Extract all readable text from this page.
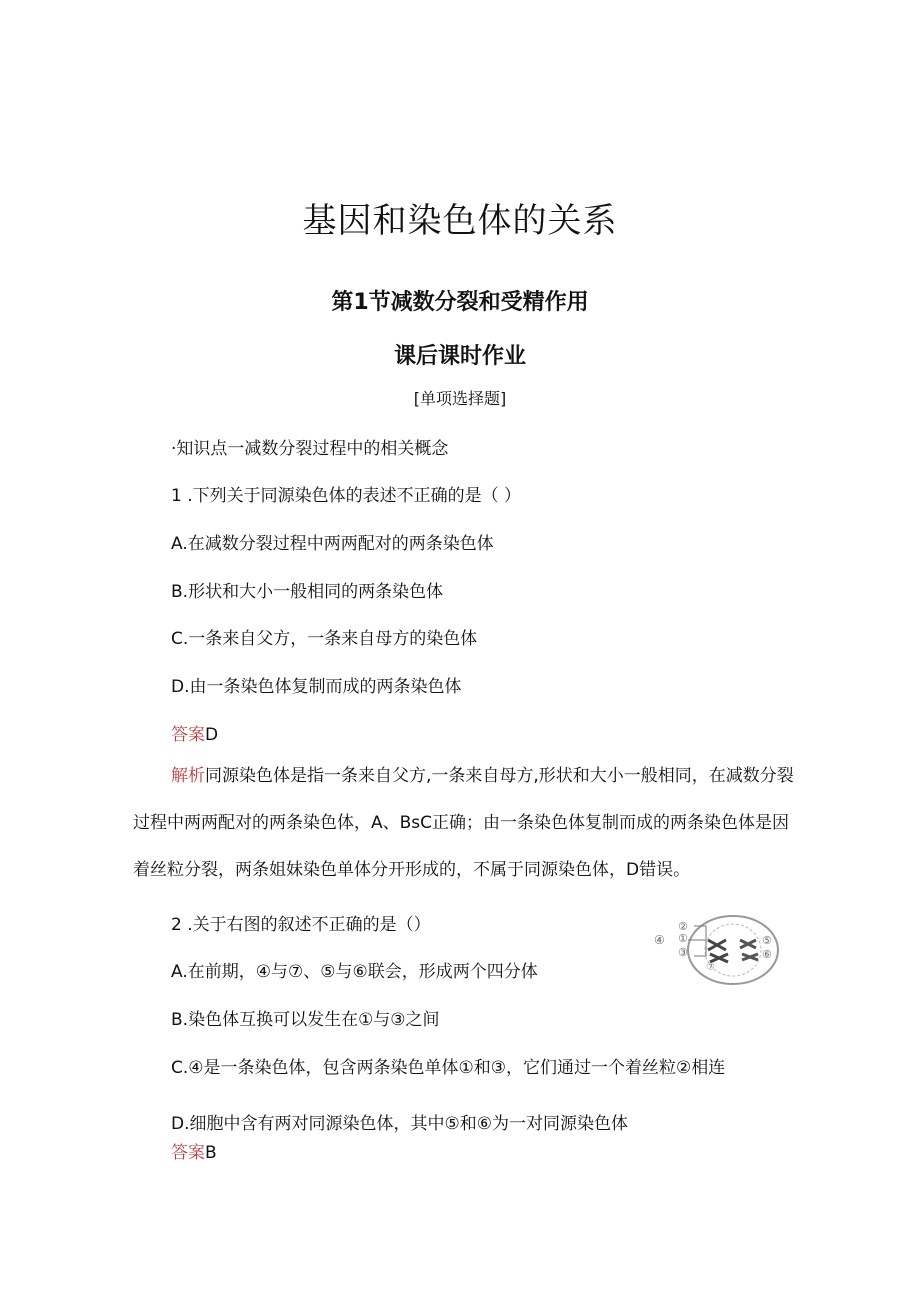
基因和染色体的关系
第1节减数分裂和受精作用
课后课时作业
[单项选择题]
·知识点一减数分裂过程中的相关概念
1 .下列关于同源染色体的表述不正确的是（ ）
A.在减数分裂过程中两两配对的两条染色体
B.形状和大小一般相同的两条染色体
C.一条来自父方，一条来自母方的染色体
D.由一条染色体复制而成的两条染色体
答案D
解析同源染色体是指一条来自父方,一条来自母方,形状和大小一般相同，在减数分裂
过程中两两配对的两条染色体，A、BsC正确；由一条染色体复制而成的两条染色体是因
着丝粒分裂，两条姐妹染色单体分开形成的，不属于同源染色体，D错误。
2 .关于右图的叙述不正确的是（）	②
①
③
④	⑤
⑥
⑦
A.在前期，④与⑦、⑤与⑥联会，形成两个四分体
B.染色体互换可以发生在①与③之间
C.④是一条染色体，包含两条染色单体①和③，它们通过一个着丝粒②相连
D.细胞中含有两对同源染色体，其中⑤和⑥为一对同源染色体
答案B
